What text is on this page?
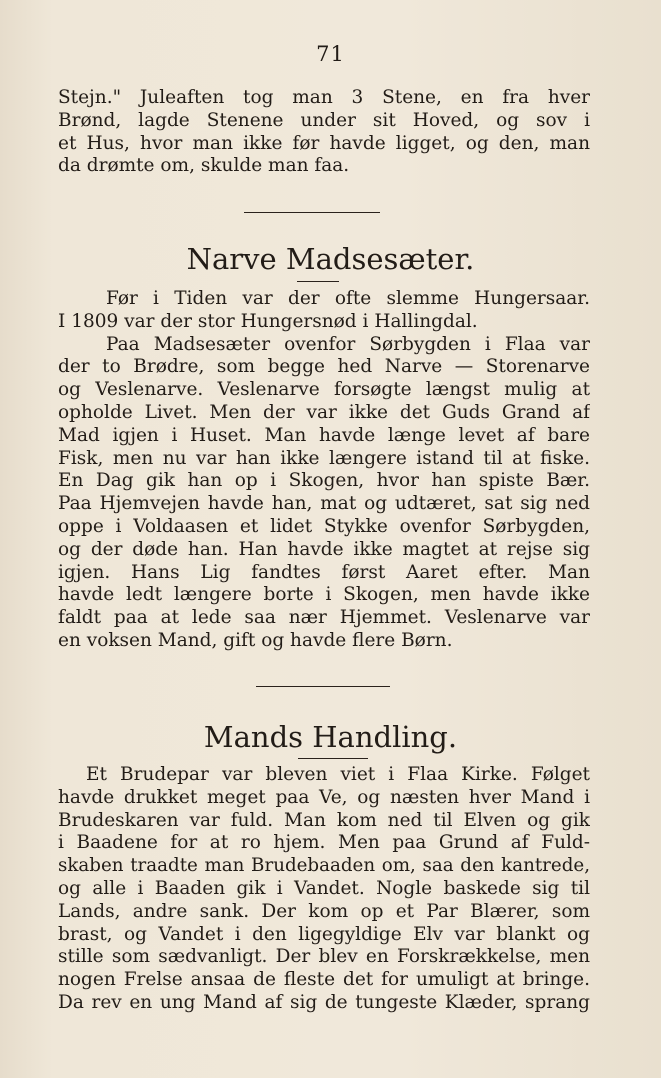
71
Stejn." Juleaften tog man 3 Stene, en fra hver
Brønd, lagde Stenene under sit Hoved, og sov i
et Hus, hvor man ikke før havde ligget, og den, man
da drømte om, skulde man faa.
Narve Madsesæter.
Før i Tiden var der ofte slemme Hungersaar.
I 1809 var der stor Hungersnød i Hallingdal.
Paa Madsesæter ovenfor Sørbygden i Flaa var
der to Brødre, som begge hed Narve — Storenarve
og Veslenarve. Veslenarve forsøgte længst mulig at
opholde Livet. Men der var ikke det Guds Grand af
Mad igjen i Huset. Man havde længe levet af bare
Fisk, men nu var han ikke længere istand til at fiske.
En Dag gik han op i Skogen, hvor han spiste Bær.
Paa Hjemvejen havde han, mat og udtæret, sat sig ned
oppe i Voldaasen et lidet Stykke ovenfor Sørbygden,
og der døde han. Han havde ikke magtet at rejse sig
igjen. Hans Lig fandtes først Aaret efter. Man
havde ledt længere borte i Skogen, men havde ikke
faldt paa at lede saa nær Hjemmet. Veslenarve var
en voksen Mand, gift og havde flere Børn.
Mands Handling.
Et Brudepar var bleven viet i Flaa Kirke. Følget
havde drukket meget paa Ve, og næsten hver Mand i
Brudeskaren var fuld. Man kom ned til Elven og gik
i Baadene for at ro hjem. Men paa Grund af Fuld-
skaben traadte man Brudebaaden om, saa den kantrede,
og alle i Baaden gik i Vandet. Nogle baskede sig til
Lands, andre sank. Der kom op et Par Blærer, som
brast, og Vandet i den ligegyldige Elv var blankt og
stille som sædvanligt. Der blev en Forskrækkelse, men
nogen Frelse ansaa de fleste det for umuligt at bringe.
Da rev en ung Mand af sig de tungeste Klæder, sprang
